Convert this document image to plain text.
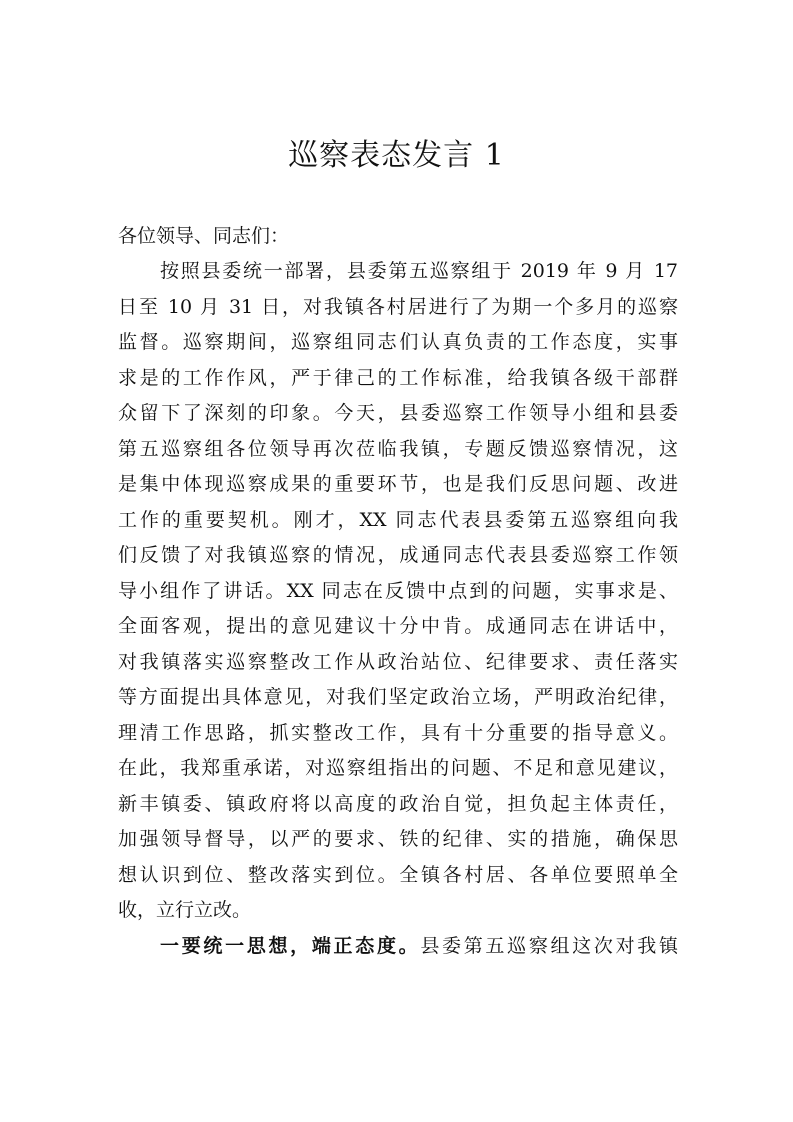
巡察表态发言 1
各位领导、同志们：
按照县委统一部署，县委第五巡察组于 2019 年 9 月 17
日至 10 月 31 日，对我镇各村居进行了为期一个多月的巡察
监督。巡察期间，巡察组同志们认真负责的工作态度，实事
求是的工作作风，严于律己的工作标准，给我镇各级干部群
众留下了深刻的印象。今天，县委巡察工作领导小组和县委
第五巡察组各位领导再次莅临我镇，专题反馈巡察情况，这
是集中体现巡察成果的重要环节，也是我们反思问题、改进
工作的重要契机。刚才，XX 同志代表县委第五巡察组向我
们反馈了对我镇巡察的情况，成通同志代表县委巡察工作领
导小组作了讲话。XX 同志在反馈中点到的问题，实事求是、
全面客观，提出的意见建议十分中肯。成通同志在讲话中，
对我镇落实巡察整改工作从政治站位、纪律要求、责任落实
等方面提出具体意见，对我们坚定政治立场，严明政治纪律，
理清工作思路，抓实整改工作，具有十分重要的指导意义。
在此，我郑重承诺，对巡察组指出的问题、不足和意见建议，
新丰镇委、镇政府将以高度的政治自觉，担负起主体责任，
加强领导督导，以严的要求、铁的纪律、实的措施，确保思
想认识到位、整改落实到位。全镇各村居、各单位要照单全
收，立行立改。
一要统一思想，端正态度。县委第五巡察组这次对我镇
